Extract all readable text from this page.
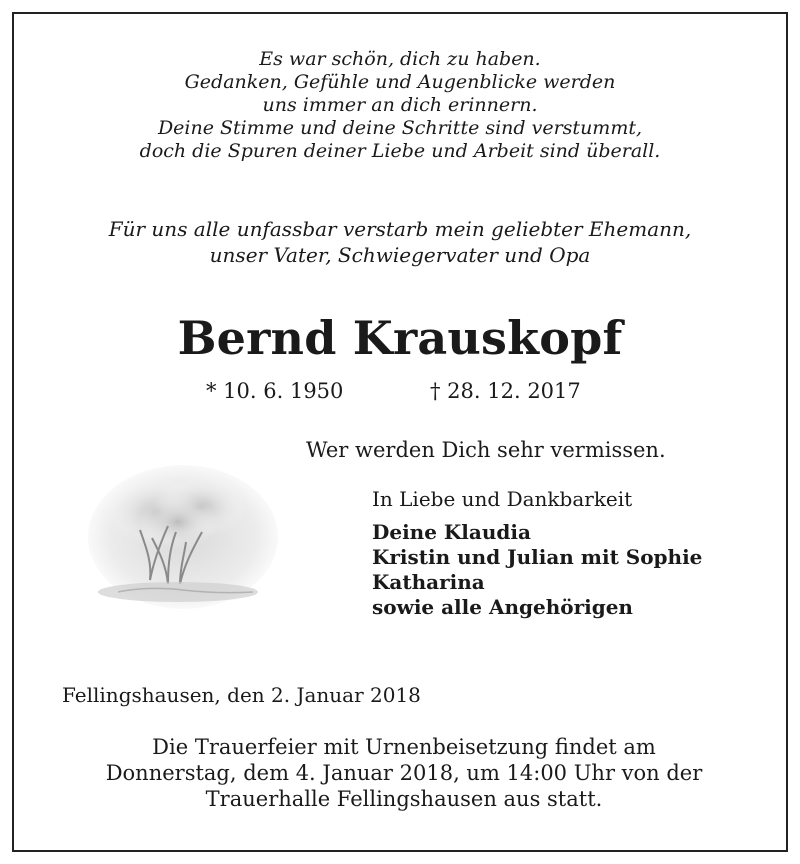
Es war schön, dich zu haben.
Gedanken, Gefühle und Augenblicke werden
uns immer an dich erinnern.
Deine Stimme und deine Schritte sind verstummt,
doch die Spuren deiner Liebe und Arbeit sind überall.
Für uns alle unfassbar verstarb mein geliebter Ehemann,
unser Vater, Schwiegervater und Opa
Bernd Krauskopf
* 10. 6. 1950	† 28. 12. 2017
Wer werden Dich sehr vermissen.
In Liebe und Dankbarkeit
Deine Klaudia
Kristin und Julian mit Sophie
Katharina
sowie alle Angehörigen
Fellingshausen, den 2. Januar 2018
Die Trauerfeier mit Urnenbeisetzung findet am
Donnerstag, dem 4. Januar 2018, um 14:00 Uhr von der
Trauerhalle Fellingshausen aus statt.
